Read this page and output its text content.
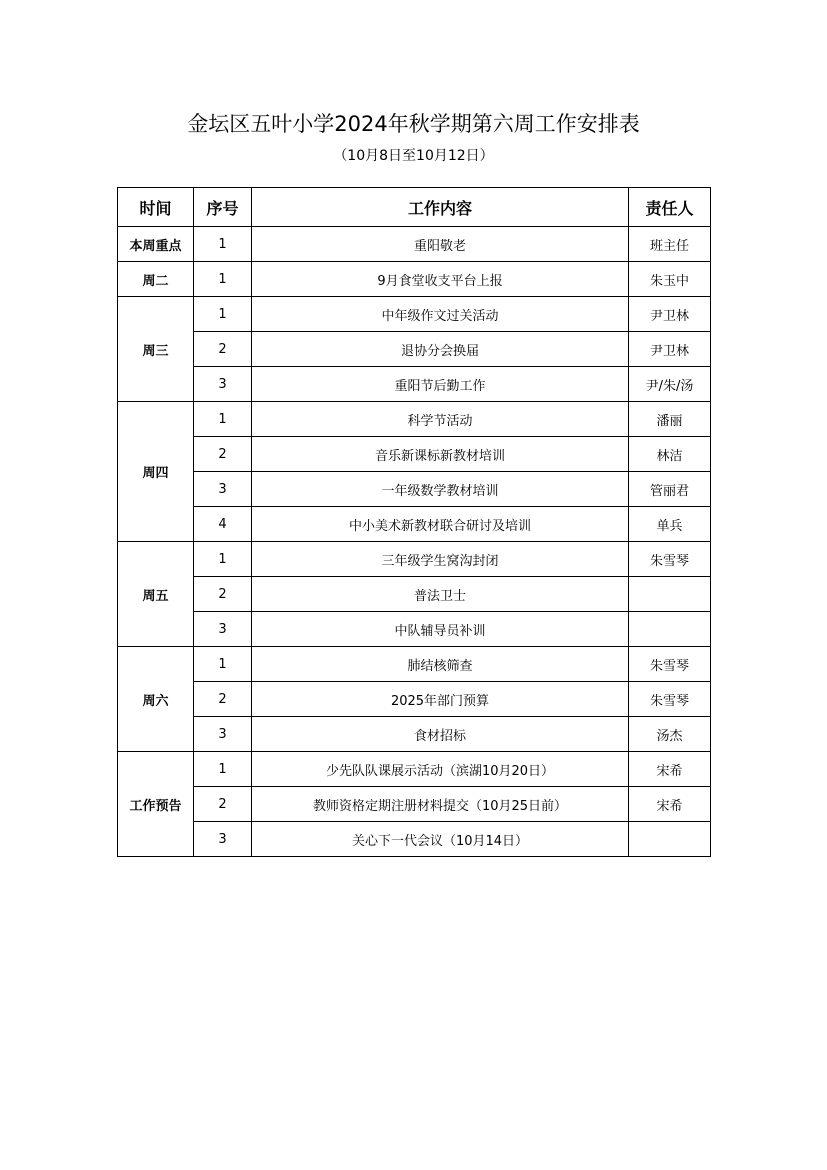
金坛区五叶小学2024年秋学期第六周工作安排表
（10月8日至10月12日）
时间	序号	工作内容	责任人
本周重点	1	重阳敬老	班主任
周二	1	9月食堂收支平台上报	朱玉中
周三	1	中年级作文过关活动	尹卫林
	2	退协分会换届	尹卫林
	3	重阳节后勤工作	尹/朱/汤
周四	1	科学节活动	潘丽
	2	音乐新课标新教材培训	林洁
	3	一年级数学教材培训	管丽君
	4	中小美术新教材联合研讨及培训	单兵
周五	1	三年级学生窝沟封闭	朱雪琴
	2	普法卫士	
	3	中队辅导员补训	
周六	1	肺结核筛查	朱雪琴
	2	2025年部门预算	朱雪琴
	3	食材招标	汤杰
工作预告	1	少先队队课展示活动（滨湖10月20日）	宋希
	2	教师资格定期注册材料提交（10月25日前）	宋希
	3	关心下一代会议（10月14日）	
